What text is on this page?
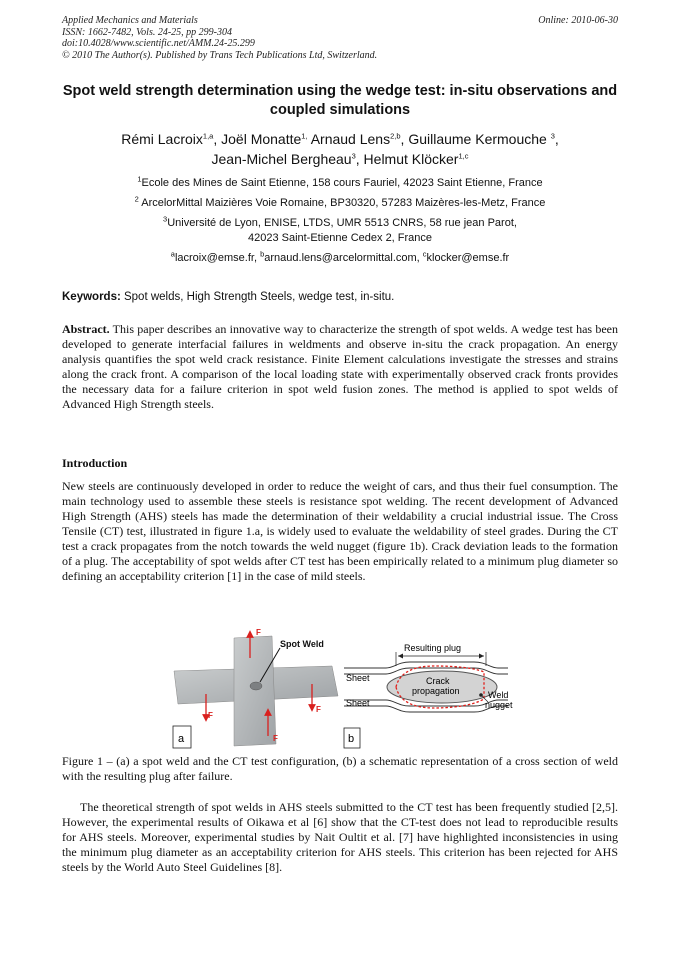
Applied Mechanics and Materials
ISSN: 1662-7482, Vols. 24-25, pp 299-304
doi:10.4028/www.scientific.net/AMM.24-25.299
© 2010 The Author(s). Published by Trans Tech Publications Ltd, Switzerland.
Online: 2010-06-30
Spot weld strength determination using the wedge test: in-situ observations and coupled simulations
Rémi Lacroix$^{1,a}$, Joël Monatte$^{1,}$ Arnaud Lens$^{2,b}$, Guillaume Kermouche $^3$,
Jean-Michel Bergheau$^3$, Helmut Klöcker$^{1,c}$

$^1$Ecole des Mines de Saint Etienne, 158 cours Fauriel, 42023 Saint Etienne, France

$^2$ ArcelorMittal Maizières Voie Romaine, BP30320, 57283 Maizères-les-Metz, France

$^3$Université de Lyon, ENISE, LTDS, UMR 5513 CNRS, 58 rue jean Parot,
42023 Saint-Etienne Cedex 2, France

$^a$lacroix@emse.fr, $^b$arnaud.lens@arcelormittal.com, $^c$klocker@emse.fr

Keywords: Spot welds, High Strength Steels, wedge test, in-situ.
Abstract. This paper describes an innovative way to characterize the strength of spot welds. A wedge test has been developed to generate interfacial failures in weldments and observe in-situ the crack propagation. An energy analysis quantifies the spot weld crack resistance. Finite Element calculations investigate the stresses and strains along the crack front. A comparison of the local loading state with experimentally observed crack fronts provides the necessary data for a failure criterion in spot weld fusion zones. The method is applied to spot welds of Advanced High Strength steels.
Introduction
New steels are continuously developed in order to reduce the weight of cars, and thus their fuel consumption. The main technology used to assemble these steels is resistance spot welding. The recent development of Advanced High Strength (AHS) steels has made the determination of their weldability a crucial industrial issue. The Cross Tensile (CT) test, illustrated in figure 1.a, is widely used to evaluate the weldability of steel grades. During the CT test a crack propagates from the notch towards the weld nugget (figure 1b). Crack deviation leads to the formation of a plug. The acceptability of spot welds after CT test has been empirically related to a minimum plug diameter so defining an acceptability criterion [1] in the case of mild steels.
F
F
F
F
Spot Weld
a
Resulting plug
Sheet
Sheet
Crack
propagation	Weld
nugget
b
Figure 1 – (a) a spot weld and the CT test configuration, (b) a schematic representation of a cross section of weld with the resulting plug after failure.
The theoretical strength of spot welds in AHS steels submitted to the CT test has been frequently studied [2,5]. However, the experimental results of Oikawa et al [6] show that the CT-test does not lead to reproducible results for AHS steels. Moreover, experimental studies by Nait Oultit et al. [7] have highlighted inconsistencies in using the minimum plug diameter as an acceptability criterion for AHS steels. This criterion has been rejected for AHS steels by the World Auto Steel Guidelines [8].
